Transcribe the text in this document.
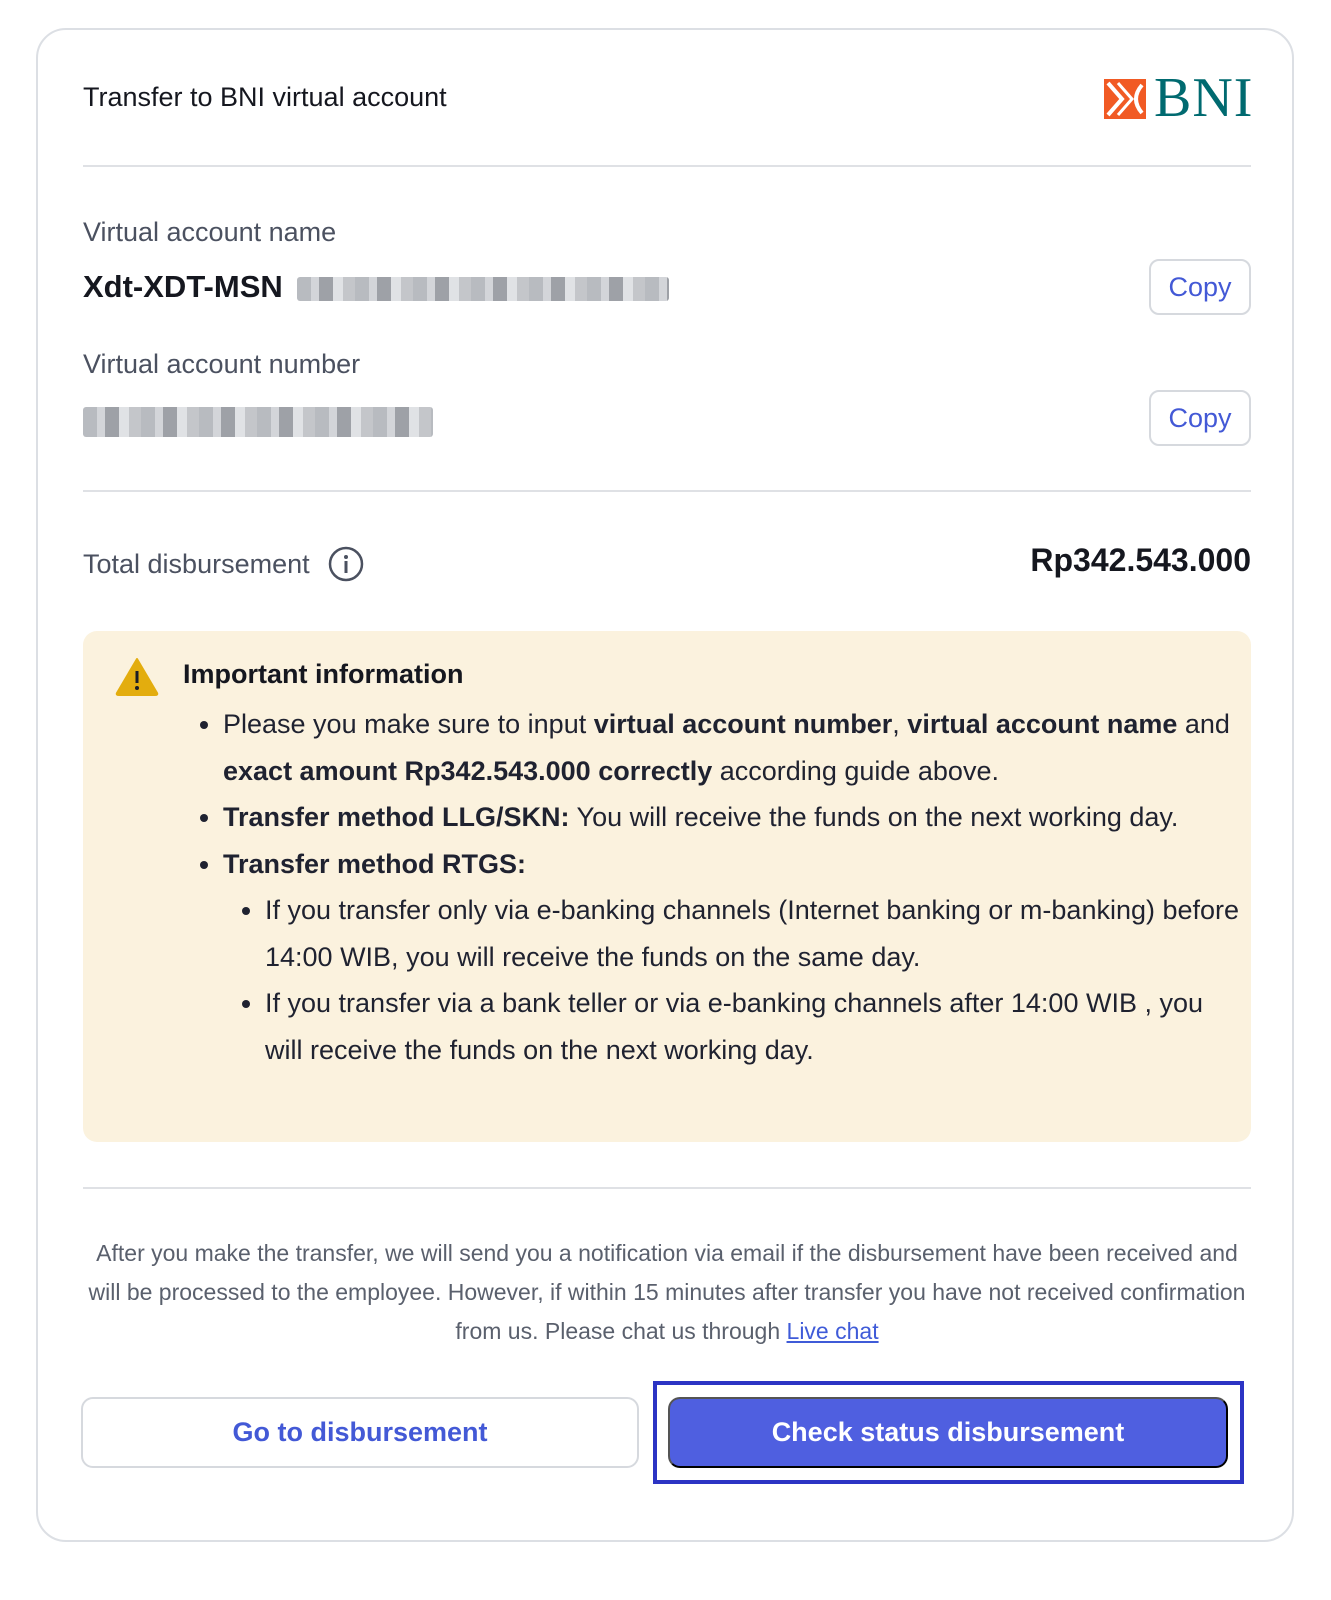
Transfer to BNI virtual account	BNI
Virtual account name
Xdt-XDT-MSN	Copy
Virtual account number
Copy
Total disbursement	Rp342.543.000
Important information
• Please you make sure to input virtual account number, virtual account name and exact amount Rp342.543.000 correctly according guide above.
• Transfer method LLG/SKN: You will receive the funds on the next working day.
• Transfer method RTGS:
• If you transfer only via e-banking channels (Internet banking or m-banking) before 14:00 WIB, you will receive the funds on the same day.
• If you transfer via a bank teller or via e-banking channels after 14:00 WIB , you will receive the funds on the next working day.
After you make the transfer, we will send you a notification via email if the disbursement have been received and will be processed to the employee. However, if within 15 minutes after transfer you have not received confirmation from us. Please chat us through Live chat
Go to disbursement	Check status disbursement
